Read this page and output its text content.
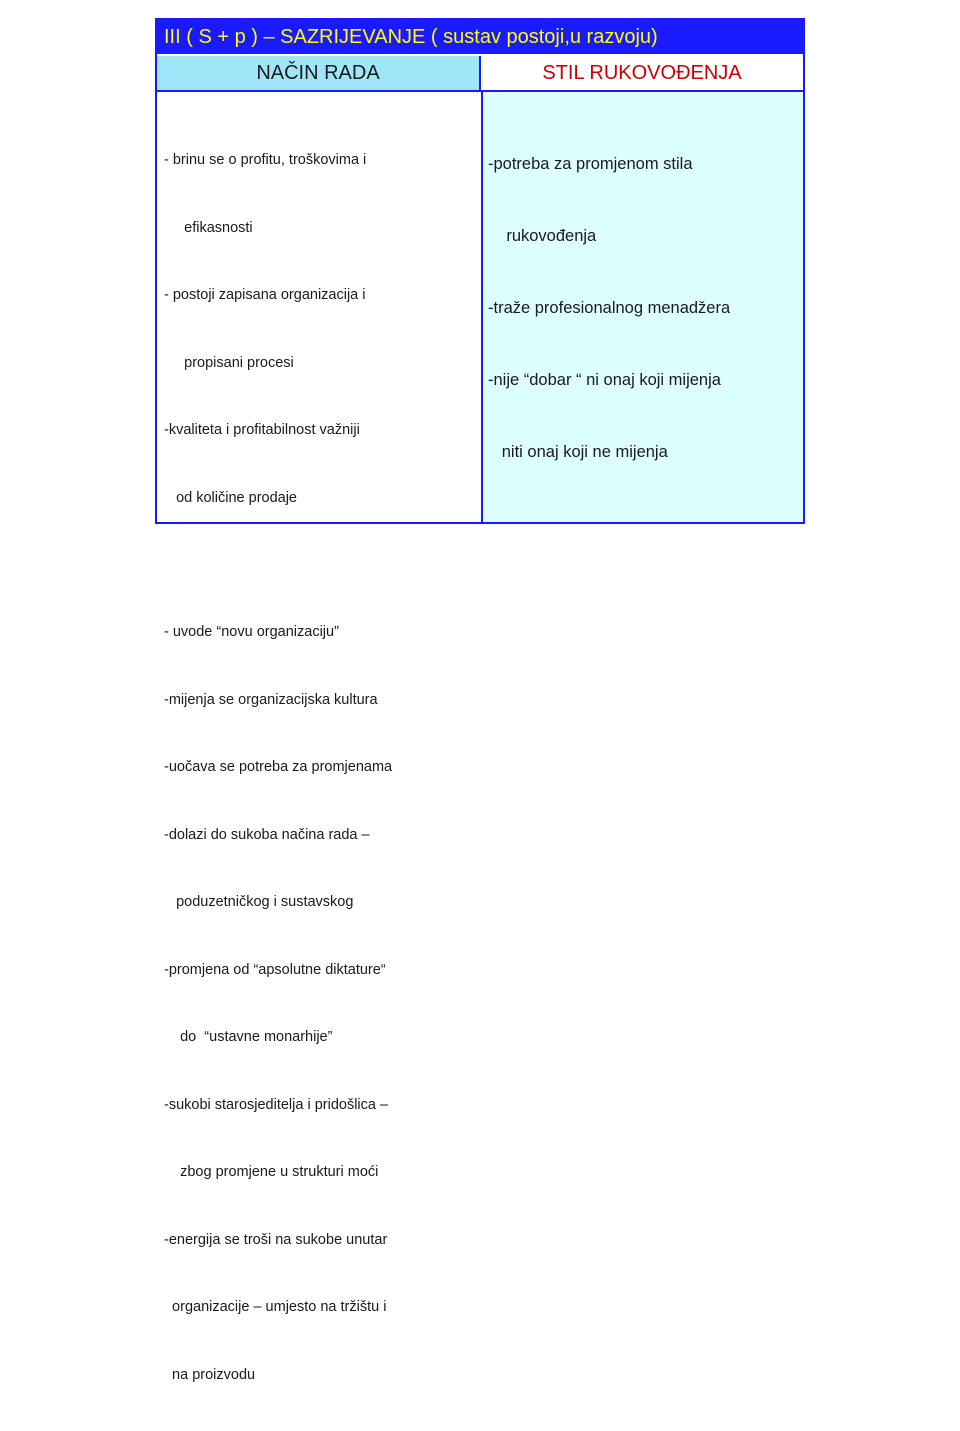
III ( S + p ) – SAZRIJEVANJE ( sustav postoji,u razvoju)
NAČIN RADA	STIL RUKOVOĐENJA

- brinu se o profitu, troškovima i

efikasnosti

- postoji zapisana organizacija i

propisani procesi

-kvaliteta i profitabilnost važniji

od količine prodaje

- uvode “novu organizaciju”

-mijenja se organizacijska kultura

-uočava se potreba za promjenama

-dolazi do sukoba načina rada –

poduzetničkog i sustavskog

-promjena od “apsolutne diktature“

do  “ustavne monarhije”

-sukobi starosjeditelja i pridošlica –

zbog promjene u strukturi moći

-energija se troši na sukobe unutar

organizacije – umjesto na tržištu i

na proizvodu

-potreba za promjenom stila

rukovođenja

-traže profesionalnog menadžera

-nije “dobar “ ni onaj koji mijenja

niti onaj koji ne mijenja
